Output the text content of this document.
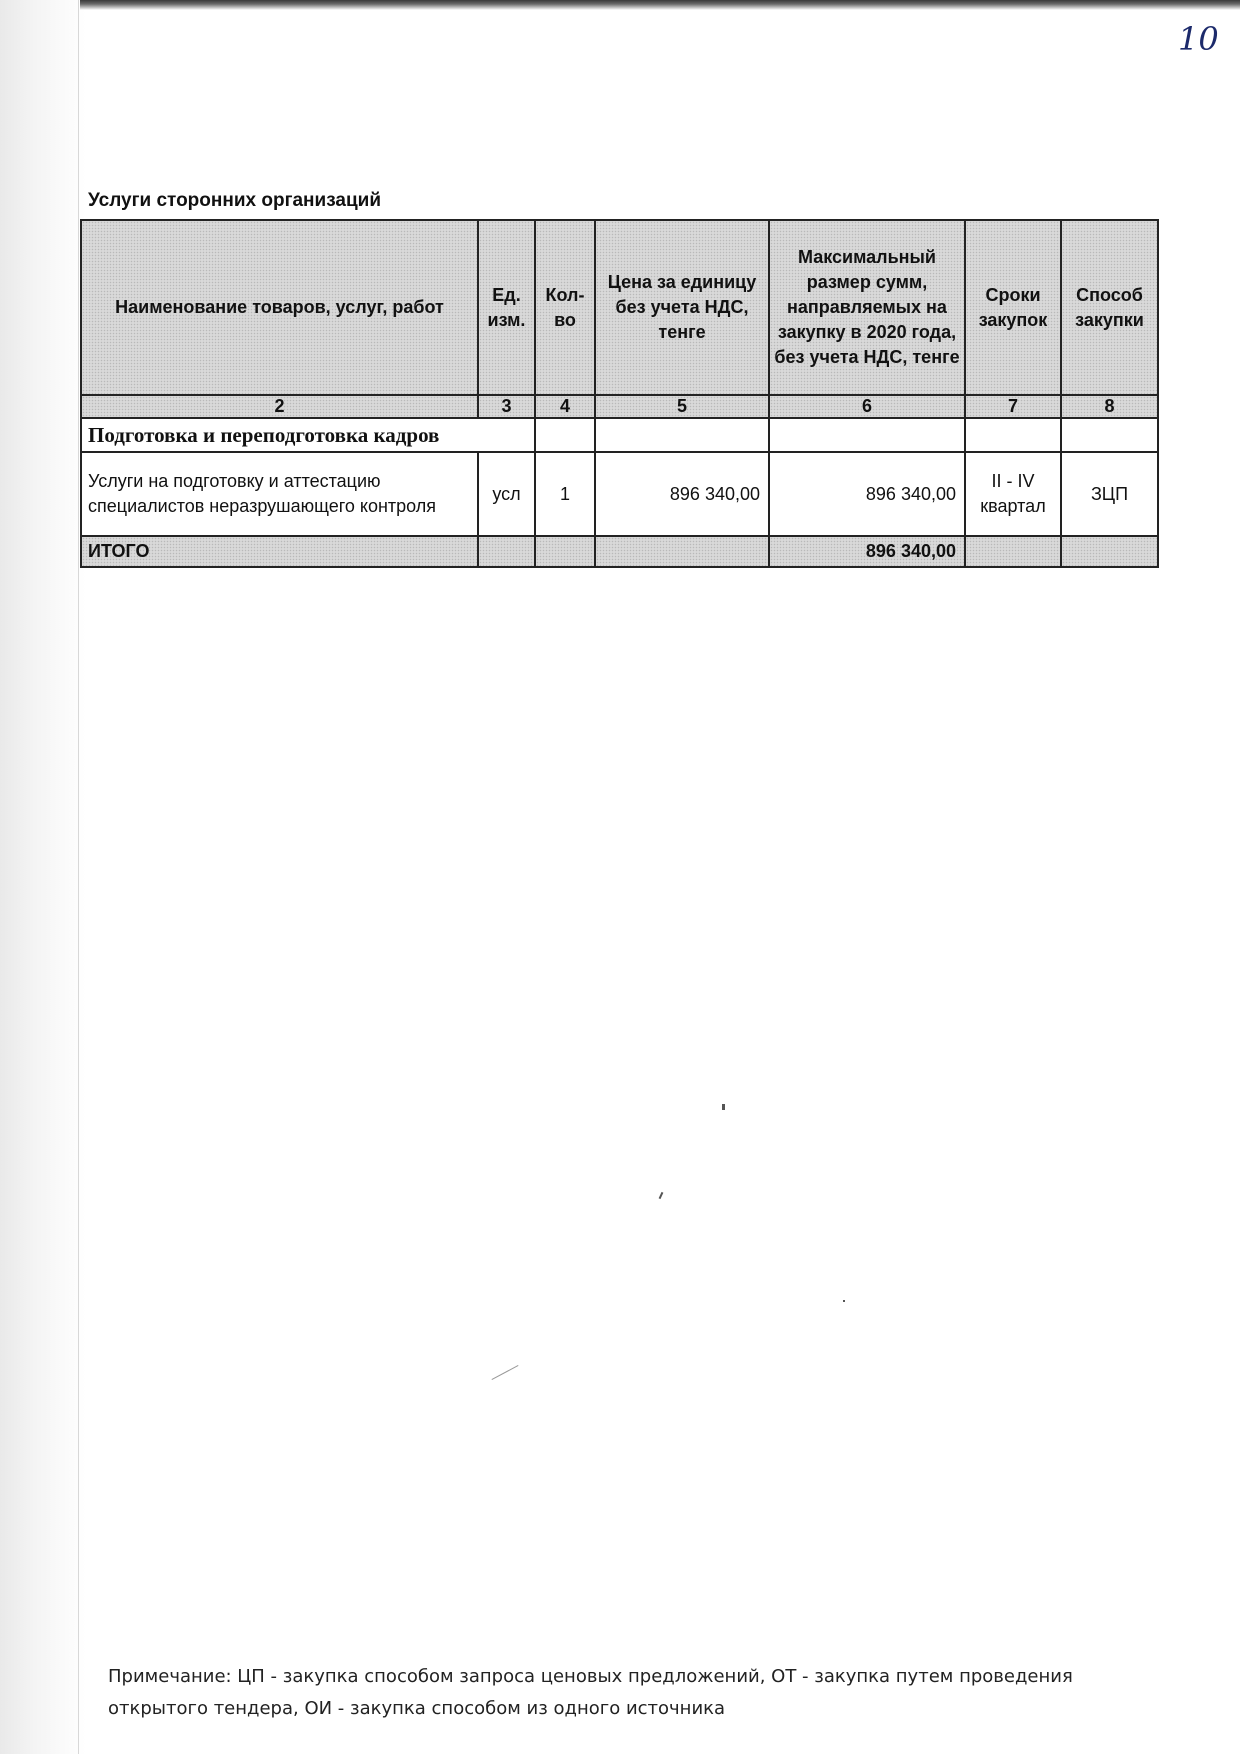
10
Услуги сторонних организаций
Наименование товаров, услуг, работ	Ед. изм.	Кол-во	Цена за единицу без учета НДС, тенге	Максимальный размер сумм, направляемых на закупку в 2020 года, без учета НДС, тенге	Сроки закупок	Способ закупки
2	3	4	5	6	7	8
Подготовка и переподготовка кадров						
Услуги на подготовку и аттестацию специалистов неразрушающего контроля	усл	1	896 340,00	896 340,00	II - IV квартал	ЗЦП
ИТОГО				896 340,00		
Примечание: ЦП - закупка способом запроса ценовых предложений, ОТ - закупка путем проведения открытого тендера, ОИ - закупка способом из одного источника
